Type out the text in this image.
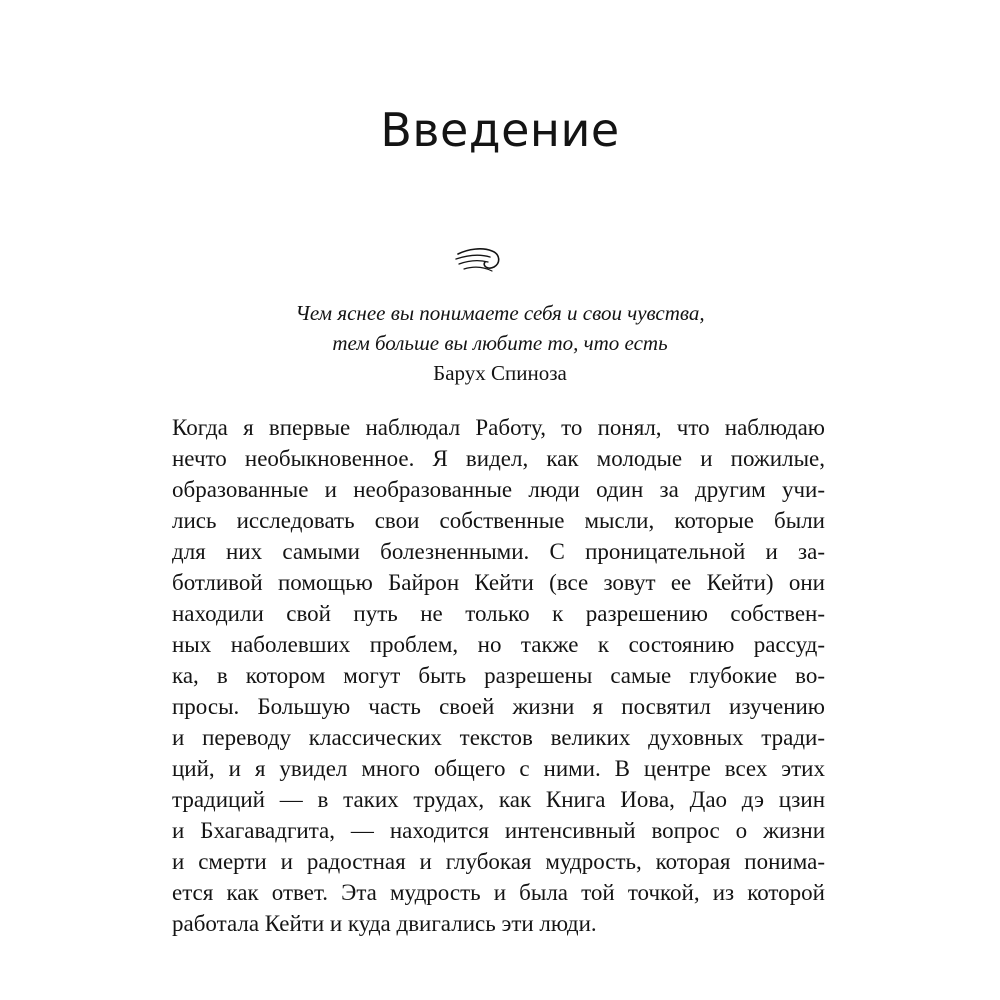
Введение
Чем яснее вы понимаете себя и свои чувства,
тем больше вы любите то, что есть
Барух Спиноза
Когда я впервые наблюдал Работу, то понял, что наблюдаю
нечто необыкновенное. Я видел, как молодые и пожилые,
образованные и необразованные люди один за другим учи-
лись исследовать свои собственные мысли, которые были
для них самыми болезненными. С проницательной и за-
ботливой помощью Байрон Кейти (все зовут ее Кейти) они
находили свой путь не только к разрешению собствен-
ных наболевших проблем, но также к состоянию рассуд-
ка, в котором могут быть разрешены самые глубокие во-
просы. Большую часть своей жизни я посвятил изучению
и переводу классических текстов великих духовных тради-
ций, и я увидел много общего с ними. В центре всех этих
традиций — в таких трудах, как Книга Иова, Дао дэ цзин
и Бхагавадгита, — находится интенсивный вопрос о жизни
и смерти и радостная и глубокая мудрость, которая понима-
ется как ответ. Эта мудрость и была той точкой, из которой
работала Кейти и куда двигались эти люди.
